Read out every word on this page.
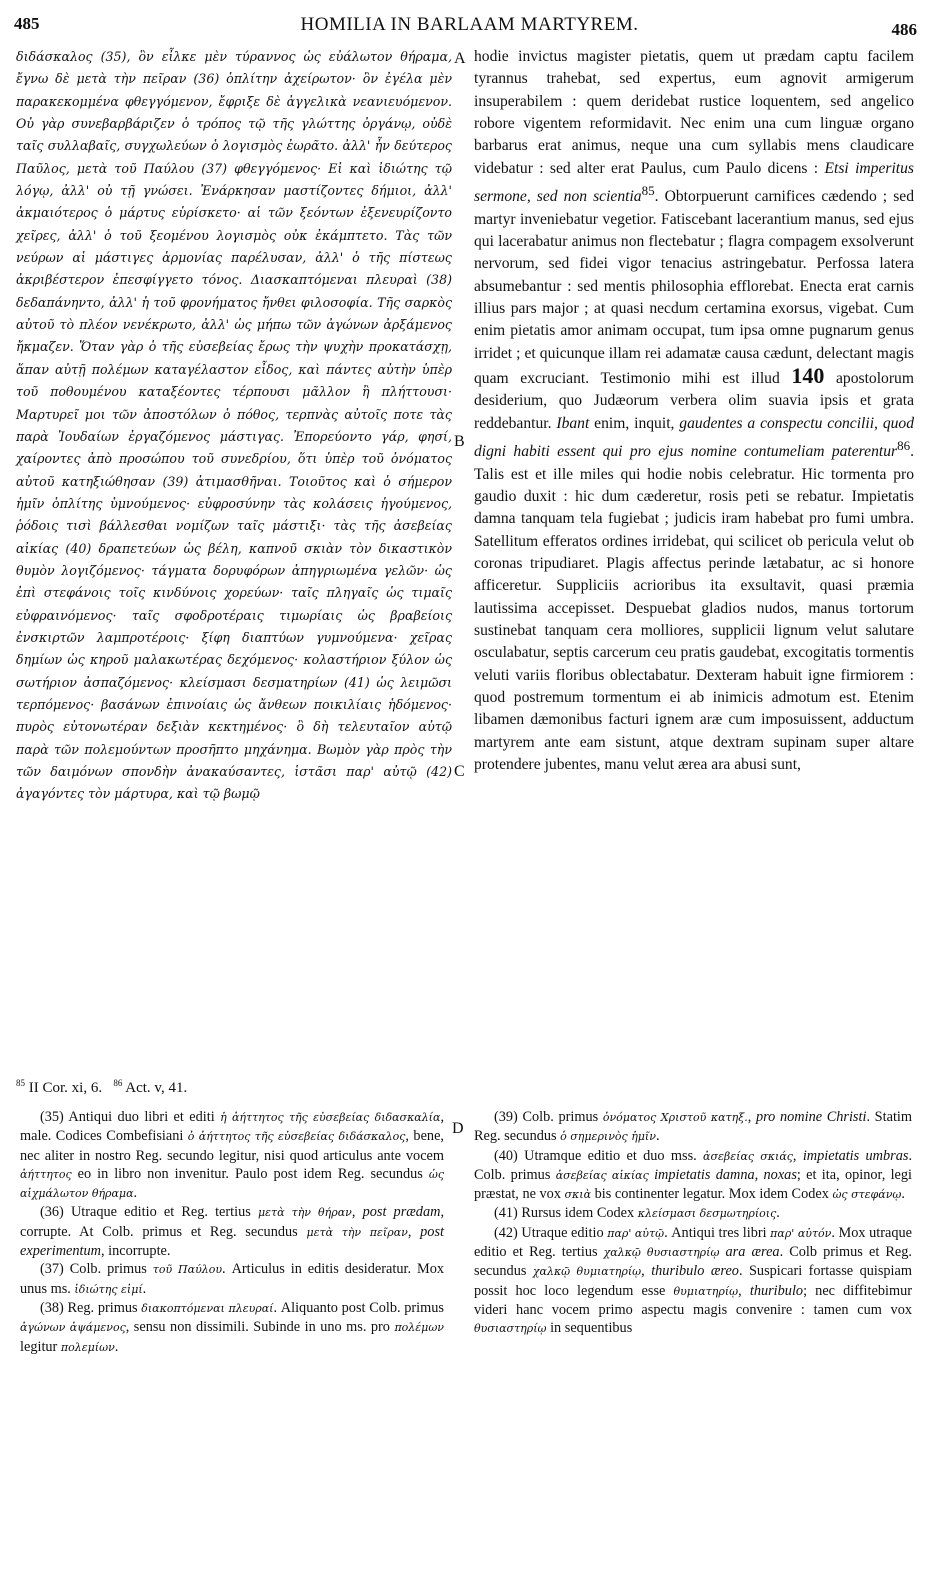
485	HOMILIA IN BARLAAM MARTYREM.	486
A
B
C
D

διδάσκαλος (35), ὃν εἶλκε μὲν τύραννος ὡς εὐάλωτον θήραμα, ἔγνω δὲ μετὰ τὴν πεῖραν (36) ὁπλίτην ἀχείρωτον· ὃν ἐγέλα μὲν παρακεκομμένα φθεγγόμενον, ἔφριξε δὲ ἀγγελικὰ νεανιευόμενον. Οὐ γὰρ συνεβαρβάριζεν ὁ τρόπος τῷ τῆς γλώττης ὀργάνῳ, οὐδὲ ταῖς συλλαβαῖς, συγχωλεύων ὁ λογισμὸς ἐωρᾶτο. ἀλλ' ἦν δεύτερος Παῦλος, μετὰ τοῦ Παύλου (37) φθεγγόμενος· Εἰ καὶ ἰδιώτης τῷ λόγῳ, ἀλλ' οὐ τῇ γνώσει. Ἐνάρκησαν μαστίζοντες δήμιοι, ἀλλ' ἀκμαιότερος ὁ μάρτυς εὑρίσκετο· αἱ τῶν ξεόντων ἐξενευρίζοντο χεῖρες, ἀλλ' ὁ τοῦ ξεομένου λογισμὸς οὐκ ἐκάμπτετο. Τὰς τῶν νεύρων αἱ μάστιγες ἁρμονίας παρέλυσαν, ἀλλ' ὁ τῆς πίστεως ἀκριβέστερον ἐπεσφίγγετο τόνος. Διασκαπτόμεναι πλευραὶ (38) δεδαπάνηντο, ἀλλ' ἡ τοῦ φρονήματος ἤνθει φιλοσοφία. Τῆς σαρκὸς αὐτοῦ τὸ πλέον νενέκρωτο, ἀλλ' ὡς μήπω τῶν ἀγώνων ἀρξάμενος ἤκμαζεν. Ὅταν γὰρ ὁ τῆς εὐσεβείας ἔρως τὴν ψυχὴν προκατάσχῃ, ἅπαν αὐτῇ πολέμων καταγέλαστον εἶδος, καὶ πάντες αὐτὴν ὑπὲρ τοῦ ποθουμένου καταξέοντες τέρπουσι μᾶλλον ἢ πλήττουσι· Μαρτυρεῖ μοι τῶν ἀποστόλων ὁ πόθος, τερπνὰς αὐτοῖς ποτε τὰς παρὰ Ἰουδαίων ἐργαζόμενος μάστιγας. Ἐπορεύοντο γάρ, φησί, χαίροντες ἀπὸ προσώπου τοῦ συνεδρίου, ὅτι ὑπὲρ τοῦ ὀνόματος αὐτοῦ κατηξιώθησαν (39) ἀτιμασθῆναι. Τοιοῦτος καὶ ὁ σήμερον ἡμῖν ὁπλίτης ὑμνούμενος· εὐφροσύνην τὰς κολάσεις ἡγούμενος, ῥόδοις τισὶ βάλλεσθαι νομίζων ταῖς μάστιξι· τὰς τῆς ἀσεβείας αἰκίας (40) δραπετεύων ὡς βέλη, καπνοῦ σκιὰν τὸν δικαστικὸν θυμὸν λογιζόμενος· τάγματα δορυφόρων ἀπηγριωμένα γελῶν· ὡς ἐπὶ στεφάνοις τοῖς κινδύνοις χορεύων· ταῖς πληγαῖς ὡς τιμαῖς εὐφραινόμενος· ταῖς σφοδροτέραις τιμωρίαις ὡς βραβείοις ἐνσκιρτῶν λαμπροτέροις· ξίφη διαπτύων γυμνούμενα· χεῖρας δημίων ὡς κηροῦ μαλακωτέρας δεχόμενος· κολαστήριον ξύλον ὡς σωτήριον ἀσπαζόμενος· κλείσμασι δεσματηρίων (41) ὡς λειμῶσι τερπόμενος· βασάνων ἐπινοίαις ὡς ἄνθεων ποικιλίαις ἡδόμενος· πυρὸς εὐτονωτέραν δεξιὰν κεκτημένος· ὃ δὴ τελευταῖον αὐτῷ παρὰ τῶν πολεμούντων προσῆπτο μηχάνημα. Βωμὸν γὰρ πρὸς τὴν τῶν δαιμόνων σπονδὴν ἀνακαύσαντες, ἱστᾶσι παρ' αὐτῷ (42) ἀγαγόντες τὸν μάρτυρα, καὶ τῷ βωμῷ

hodie invictus magister pietatis, quem ut prædam captu facilem tyrannus trahebat, sed expertus, eum agnovit armigerum insuperabilem : quem deridebat rustice loquentem, sed angelico robore vigentem reformidavit. Nec enim una cum linguæ organo barbarus erat animus, neque una cum syllabis mens claudicare videbatur : sed alter erat Paulus, cum Paulo dicens : Etsi imperitus sermone, sed non scientia$^{85}$. Obtorpuerunt carnifices cædendo ; sed martyr inveniebatur vegetior. Fatiscebant lacerantium manus, sed ejus qui lacerabatur animus non flectebatur ; flagra compagem exsolverunt nervorum, sed fidei vigor tenacius astringebatur. Perfossa latera absumebantur : sed mentis philosophia efflorebat. Enecta erat carnis illius pars major ; at quasi necdum certamina exorsus, vigebat. Cum enim pietatis amor animam occupat, tum ipsa omne pugnarum genus irridet ; et quicunque illam rei adamatæ causa cædunt, delectant magis quam excruciant. Testimonio mihi est illud 140 apostolorum desiderium, quo Judæorum verbera olim suavia ipsis et grata reddebantur. Ibant enim, inquit, gaudentes a conspectu concilii, quod digni habiti essent qui pro ejus nomine contumeliam paterentur$^{86}$. Talis est et ille miles qui hodie nobis celebratur. Hic tormenta pro gaudio duxit : hic dum cæderetur, rosis peti se rebatur. Impietatis damna tanquam tela fugiebat ; judicis iram habebat pro fumi umbra. Satellitum efferatos ordines irridebat, qui scilicet ob pericula velut ob coronas tripudiaret. Plagis affectus perinde lætabatur, ac si honore afficeretur. Suppliciis acrioribus ita exsultavit, quasi præmia lautissima accepisset. Despuebat gladios nudos, manus tortorum sustinebat tanquam cera molliores, supplicii lignum velut salutare osculabatur, septis carcerum ceu pratis gaudebat, excogitatis tormentis veluti variis floribus oblectabatur. Dexteram habuit igne firmiorem : quod postremum tormentum ei ab inimicis admotum est. Etenim libamen dæmonibus facturi ignem aræ cum imposuissent, adductum martyrem ante eam sistunt, atque dextram supinam super altare protendere jubentes, manu velut ærea ara abusi sunt,

$^{85}$ II Cor. xi, 6. $^{86}$ Act. v, 41.

(35) Antiqui duo libri et editi ἡ ἀήττητος τῆς εὐσεβείας διδασκαλία, male. Codices Combefisiani ὁ ἀήττητος τῆς εὐσεβείας διδάσκαλος, bene, nec aliter in nostro Reg. secundo legitur, nisi quod articulus ante vocem ἀήττητος eo in libro non invenitur. Paulo post idem Reg. secundus ὡς αἰχμάλωτον θήραμα.

(36) Utraque editio et Reg. tertius μετὰ τὴν θήραν, post prædam, corrupte. At Colb. primus et Reg. secundus μετὰ τὴν πεῖραν, post experimentum, incorrupte.

(37) Colb. primus τοῦ Παύλου. Articulus in editis desideratur. Mox unus ms. ἰδιώτης εἰμί.

(38) Reg. primus διακοπτόμεναι πλευραί. Aliquanto post Colb. primus ἀγώνων ἀψάμενος, sensu non dissimili. Subinde in uno ms. pro πολέμων legitur πολεμίων.

(39) Colb. primus ὀνόματος Χριστοῦ κατηξ., pro nomine Christi. Statim Reg. secundus ὁ σημερινὸς ἡμῖν.

(40) Utramque editio et duo mss. ἀσεβείας σκιάς, impietatis umbras. Colb. primus ἀσεβείας αἰκίας impietatis damna, noxas; et ita, opinor, legi præstat, ne vox σκιὰ bis continenter legatur. Mox idem Codex ὡς στεφάνῳ.

(41) Rursus idem Codex κλείσμασι δεσμωτηρίοις.

(42) Utraque editio παρ' αὐτῷ. Antiqui tres libri παρ' αὐτόν. Mox utraque editio et Reg. tertius χαλκῷ θυσιαστηρίῳ ara ærea. Colb primus et Reg. secundus χαλκῷ θυμιατηρίῳ, thuribulo æreo. Suspicari fortasse quispiam possit hoc loco legendum esse θυμιατηρίῳ, thuribulo; nec diffitebimur videri hanc vocem primo aspectu magis convenire : tamen cum vox θυσιαστηρίῳ in sequentibus
